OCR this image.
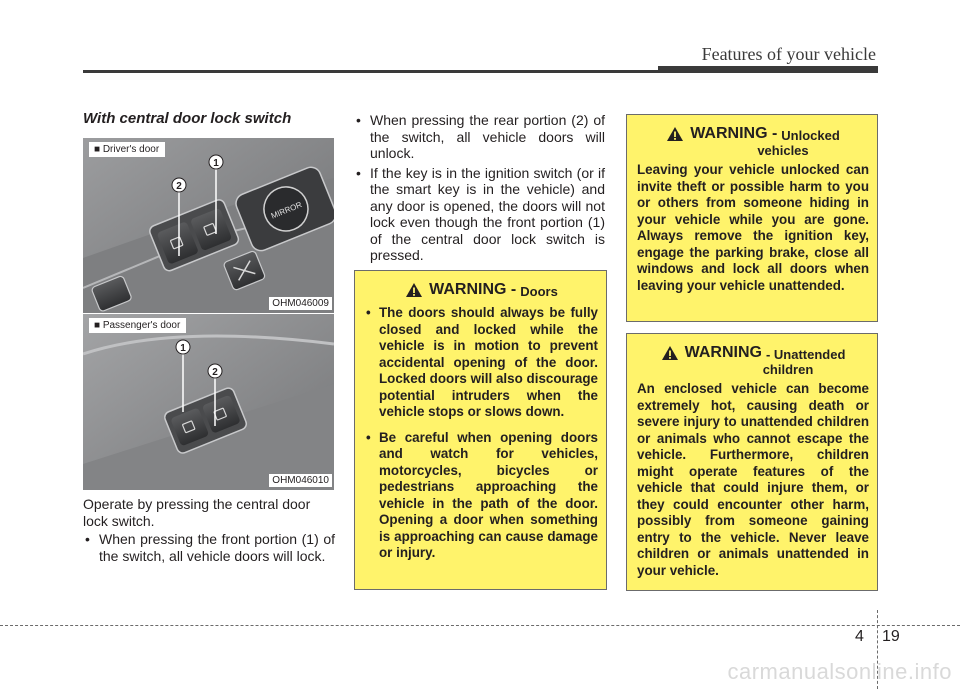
Features of your vehicle
With central door lock switch
MIRROR
2
1
■ Driver's door
OHM046009
1
2
■ Passenger's door
OHM046010
Operate by pressing the central door lock switch.
• When pressing the front portion (1) of the switch, all vehicle doors will lock.
• When pressing the rear portion (2) of the switch, all vehicle doors will unlock.
• If the key is in the ignition switch (or if the smart key is in the vehicle) and any door is opened, the doors will not lock even though the front portion (1) of the central door lock switch is pressed.
WARNING - Doors
• The doors should always be fully closed and locked while the vehicle is in motion to prevent accidental opening of the door. Locked doors will also discourage potential intruders when the vehicle stops or slows down.
• Be careful when opening doors and watch for vehicles, motorcycles, bicycles or pedestrians approaching the vehicle in the path of the door. Opening a door when something is approaching can cause damage or injury.
WARNING - Unlocked
vehicles
Leaving your vehicle unlocked can invite theft or possible harm to you or others from someone hiding in your vehicle while you are gone. Always remove the ignition key, engage the parking brake, close all windows and lock all doors when leaving your vehicle unattended.
WARNING - Unattended
children
An enclosed vehicle can become extremely hot, causing death or severe injury to unattended children or animals who cannot escape the vehicle. Furthermore, children might operate features of the vehicle that could injure them, or they could encounter other harm, possibly from someone gaining entry to the vehicle. Never leave children or animals unattended in your vehicle.
4 19
carmanualsonline.info
